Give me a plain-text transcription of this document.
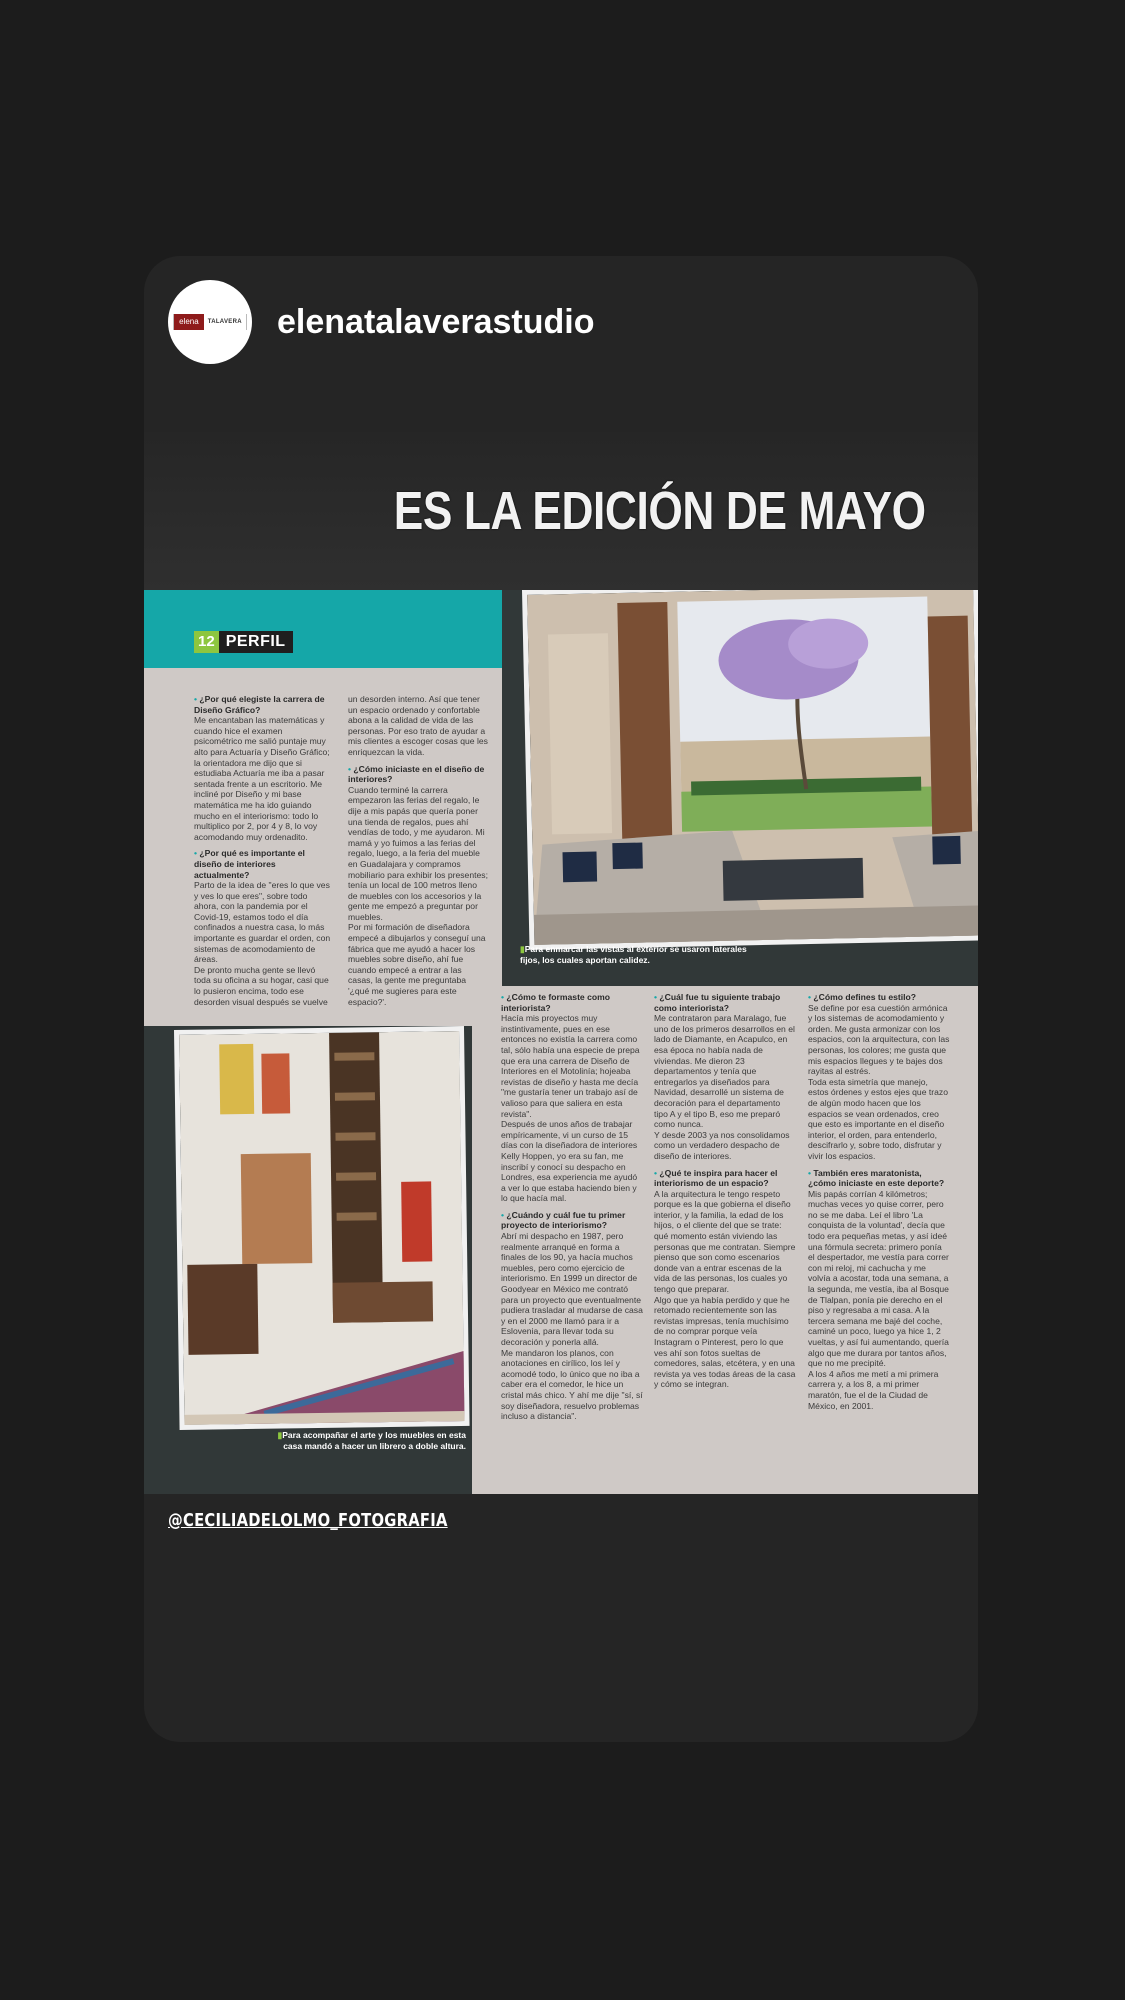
elena	TALAVERA elenatalaverastudio
ES LA EDICIÓN DE MAYO
12 PERFIL
▮Para enmarcar las vistas al exterior se usaron laterales fijos, los cuales aportan calidez.
▮Para acompañar el arte y los muebles en esta casa mandó a hacer un librero a doble altura.

• ¿Por qué elegiste la carrera de Diseño Gráfico?

Me encantaban las matemáticas y cuando hice el examen psicométrico me salió puntaje muy alto para Actuaría y Diseño Gráfico; la orientadora me dijo que si estudiaba Actuaría me iba a pasar sentada frente a un escritorio. Me incliné por Diseño y mi base matemática me ha ido guiando mucho en el interiorismo: todo lo multiplico por 2, por 4 y 8, lo voy acomodando muy ordenadito.

• ¿Por qué es importante el diseño de interiores actualmente?

Parto de la idea de "eres lo que ves y ves lo que eres", sobre todo ahora, con la pandemia por el Covid-19, estamos todo el día confinados a nuestra casa, lo más importante es guardar el orden, con sistemas de acomodamiento de áreas.

De pronto mucha gente se llevó toda su oficina a su hogar, casi que lo pusieron encima, todo ese desorden visual después se vuelve

un desorden interno. Así que tener un espacio ordenado y confortable abona a la calidad de vida de las personas. Por eso trato de ayudar a mis clientes a escoger cosas que les enriquezcan la vida.

• ¿Cómo iniciaste en el diseño de interiores?

Cuando terminé la carrera empezaron las ferias del regalo, le dije a mis papás que quería poner una tienda de regalos, pues ahí vendías de todo, y me ayudaron. Mi mamá y yo fuimos a las ferias del regalo, luego, a la feria del mueble en Guadalajara y compramos mobiliario para exhibir los presentes; tenía un local de 100 metros lleno de muebles con los accesorios y la gente me empezó a preguntar por muebles.

Por mi formación de diseñadora empecé a dibujarlos y conseguí una fábrica que me ayudó a hacer los muebles sobre diseño, ahí fue cuando empecé a entrar a las casas, la gente me preguntaba '¿qué me sugieres para este espacio?'.

•	¿Cómo te formaste como interiorista?

Hacía mis proyectos muy instintivamente, pues en ese entonces no existía la carrera como tal, sólo había una especie de prepa que era una carrera de Diseño de Interiores en el Motolinía; hojeaba revistas de diseño y hasta me decía "me gustaría tener un trabajo así de valioso para que saliera en esta revista".

Después de unos años de trabajar empíricamente, vi un curso de 15 días con la diseñadora de interiores Kelly Hoppen, yo era su fan, me inscribí y conocí su despacho en Londres, esa experiencia me ayudó a ver lo que estaba haciendo bien y lo que hacía mal.

• ¿Cuándo y cuál fue tu primer proyecto de interiorismo?

Abrí mi despacho en 1987, pero realmente arranqué en forma a finales de los 90, ya hacía muchos muebles, pero como ejercicio de interiorismo. En 1999 un director de Goodyear en México me contrató para un proyecto que eventualmente pudiera trasladar al mudarse de casa y en el 2000 me llamó para ir a Eslovenia, para llevar toda su decoración y ponerla allá.

Me mandaron los planos, con anotaciones en cirílico, los leí y acomodé todo, lo único que no iba a caber era el comedor, le hice un cristal más chico. Y ahí me dije "sí, sí soy diseñadora, resuelvo problemas incluso a distancia".

• ¿Cuál fue tu siguiente trabajo como interiorista?

Me contrataron para Maralago, fue uno de los primeros desarrollos en el lado de Diamante, en Acapulco, en esa época no había nada de viviendas. Me dieron 23 departamentos y tenía que entregarlos ya diseñados para Navidad, desarrollé un sistema de decoración para el departamento tipo A y el tipo B, eso me preparó como nunca.

Y desde 2003 ya nos consolidamos como un verdadero despacho de diseño de interiores.

• ¿Qué te inspira para hacer el interiorismo de un espacio?

A la arquitectura le tengo respeto porque es la que gobierna el diseño interior, y la familia, la edad de los hijos, o el cliente del que se trate: qué momento están viviendo las personas que me contratan. Siempre pienso que son como escenarios donde van a entrar escenas de la vida de las personas, los cuales yo tengo que preparar.

Algo que ya había perdido y que he retomado recientemente son las revistas impresas, tenía muchísimo de no comprar porque veía Instagram o Pinterest, pero lo que ves ahí son fotos sueltas de comedores, salas, etcétera, y en una revista ya ves todas áreas de la casa y cómo se integran.

• ¿Cómo defines tu estilo?

Se define por esa cuestión armónica y los sistemas de acomodamiento y orden. Me gusta armonizar con los espacios, con la arquitectura, con las personas, los colores; me gusta que mis espacios llegues y te bajes dos rayitas al estrés.

Toda esta simetría que manejo, estos órdenes y estos ejes que trazo de algún modo hacen que los espacios se vean ordenados, creo que esto es importante en el diseño interior, el orden, para entenderlo, descifrarlo y, sobre todo, disfrutar y vivir los espacios.

• También eres maratonista, ¿cómo iniciaste en este deporte?

Mis papás corrían 4 kilómetros; muchas veces yo quise correr, pero no se me daba. Leí el libro 'La conquista de la voluntad', decía que todo era pequeñas metas, y así ideé una fórmula secreta: primero ponía el despertador, me vestía para correr con mi reloj, mi cachucha y me volvía a acostar, toda una semana, a la segunda, me vestía, iba al Bosque de Tlalpan, ponía pie derecho en el piso y regresaba a mi casa. A la tercera semana me bajé del coche, caminé un poco, luego ya hice 1, 2 vueltas, y así fui aumentando, quería algo que me durara por tantos años, que no me precipité.

A los 4 años me metí a mi primera carrera y, a los 8, a mi primer maratón, fue el de la Ciudad de México, en 2001.

@CECILIADELOLMO_FOTOGRAFIA
